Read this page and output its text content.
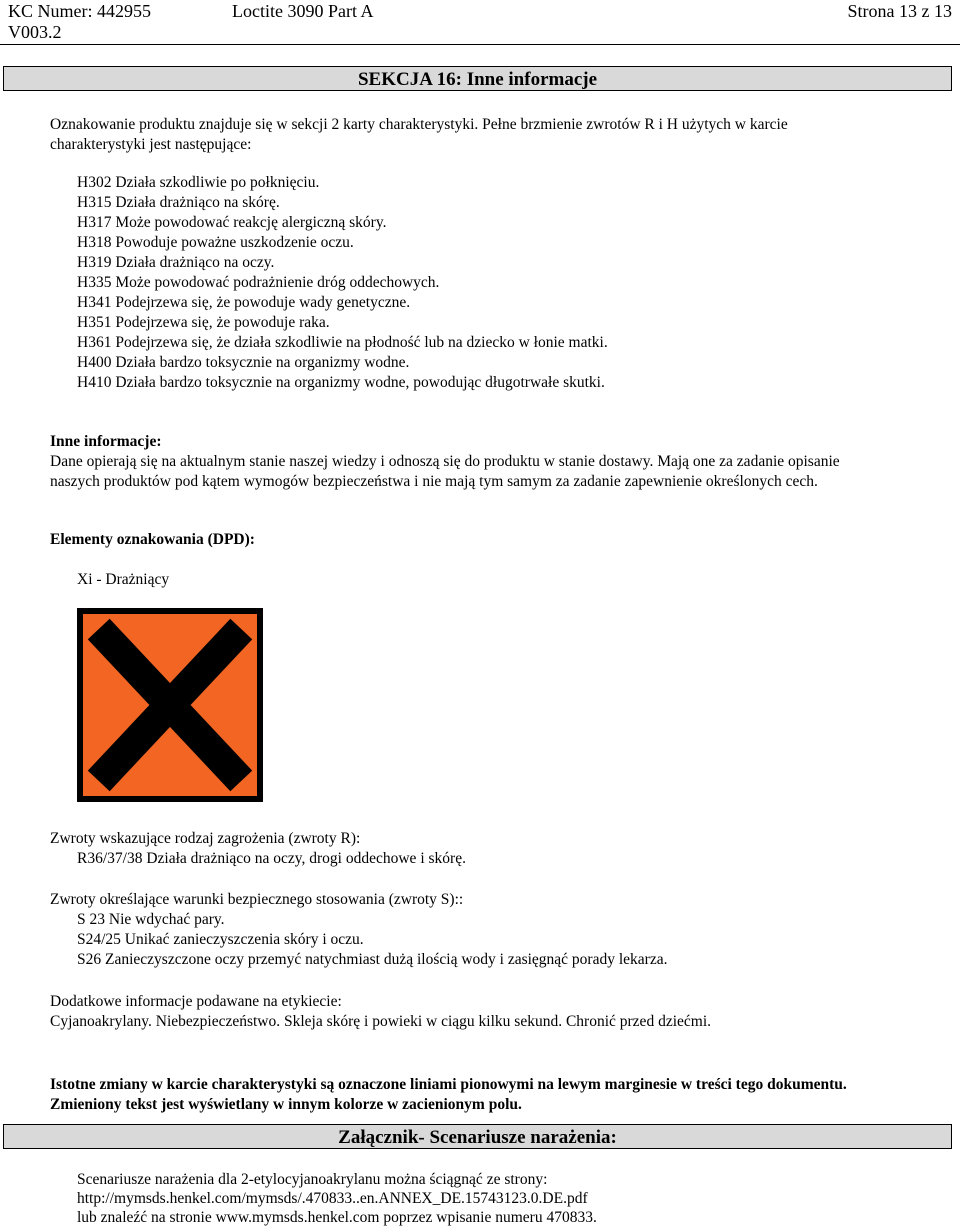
KC Numer: 442955
V003.2
Loctite 3090 Part A	Strona 13 z 13
SEKCJA 16: Inne informacje
Oznakowanie produktu znajduje się w sekcji 2 karty charakterystyki. Pełne brzmienie zwrotów R i H użytych w karcie
charakterystyki jest następujące:
H302 Działa szkodliwie po połknięciu.
H315 Działa drażniąco na skórę.
H317 Może powodować reakcję alergiczną skóry.
H318 Powoduje poważne uszkodzenie oczu.
H319 Działa drażniąco na oczy.
H335 Może powodować podrażnienie dróg oddechowych.
H341 Podejrzewa się, że powoduje wady genetyczne.
H351 Podejrzewa się, że powoduje raka.
H361 Podejrzewa się, że działa szkodliwie na płodność lub na dziecko w łonie matki.
H400 Działa bardzo toksycznie na organizmy wodne.
H410 Działa bardzo toksycznie na organizmy wodne, powodując długotrwałe skutki.
Inne informacje:
Dane opierają się na aktualnym stanie naszej wiedzy i odnoszą się do produktu w stanie dostawy. Mają one za zadanie opisanie
naszych produktów pod kątem wymogów bezpieczeństwa i nie mają tym samym za zadanie zapewnienie określonych cech.
Elementy oznakowania (DPD):
Xi - Drażniący
Zwroty wskazujące rodzaj zagrożenia (zwroty R):
R36/37/38 Działa drażniąco na oczy, drogi oddechowe i skórę.
Zwroty określające warunki bezpiecznego stosowania (zwroty S)::
S 23 Nie wdychać pary.
S24/25 Unikać zanieczyszczenia skóry i oczu.
S26 Zanieczyszczone oczy przemyć natychmiast dużą ilością wody i zasięgnąć porady lekarza.
Dodatkowe informacje podawane na etykiecie:
Cyjanoakrylany. Niebezpieczeństwo. Skleja skórę i powieki w ciągu kilku sekund. Chronić przed dziećmi.
Istotne zmiany w karcie charakterystyki są oznaczone liniami pionowymi na lewym marginesie w treści tego dokumentu.
Zmieniony tekst jest wyświetlany w innym kolorze w zacienionym polu.
Załącznik- Scenariusze narażenia:
Scenariusze narażenia dla 2-etylocyjanoakrylanu można ściągnąć ze strony:
http://mymsds.henkel.com/mymsds/.470833..en.ANNEX_DE.15743123.0.DE.pdf
lub znaleźć na stronie www.mymsds.henkel.com poprzez wpisanie numeru 470833.
